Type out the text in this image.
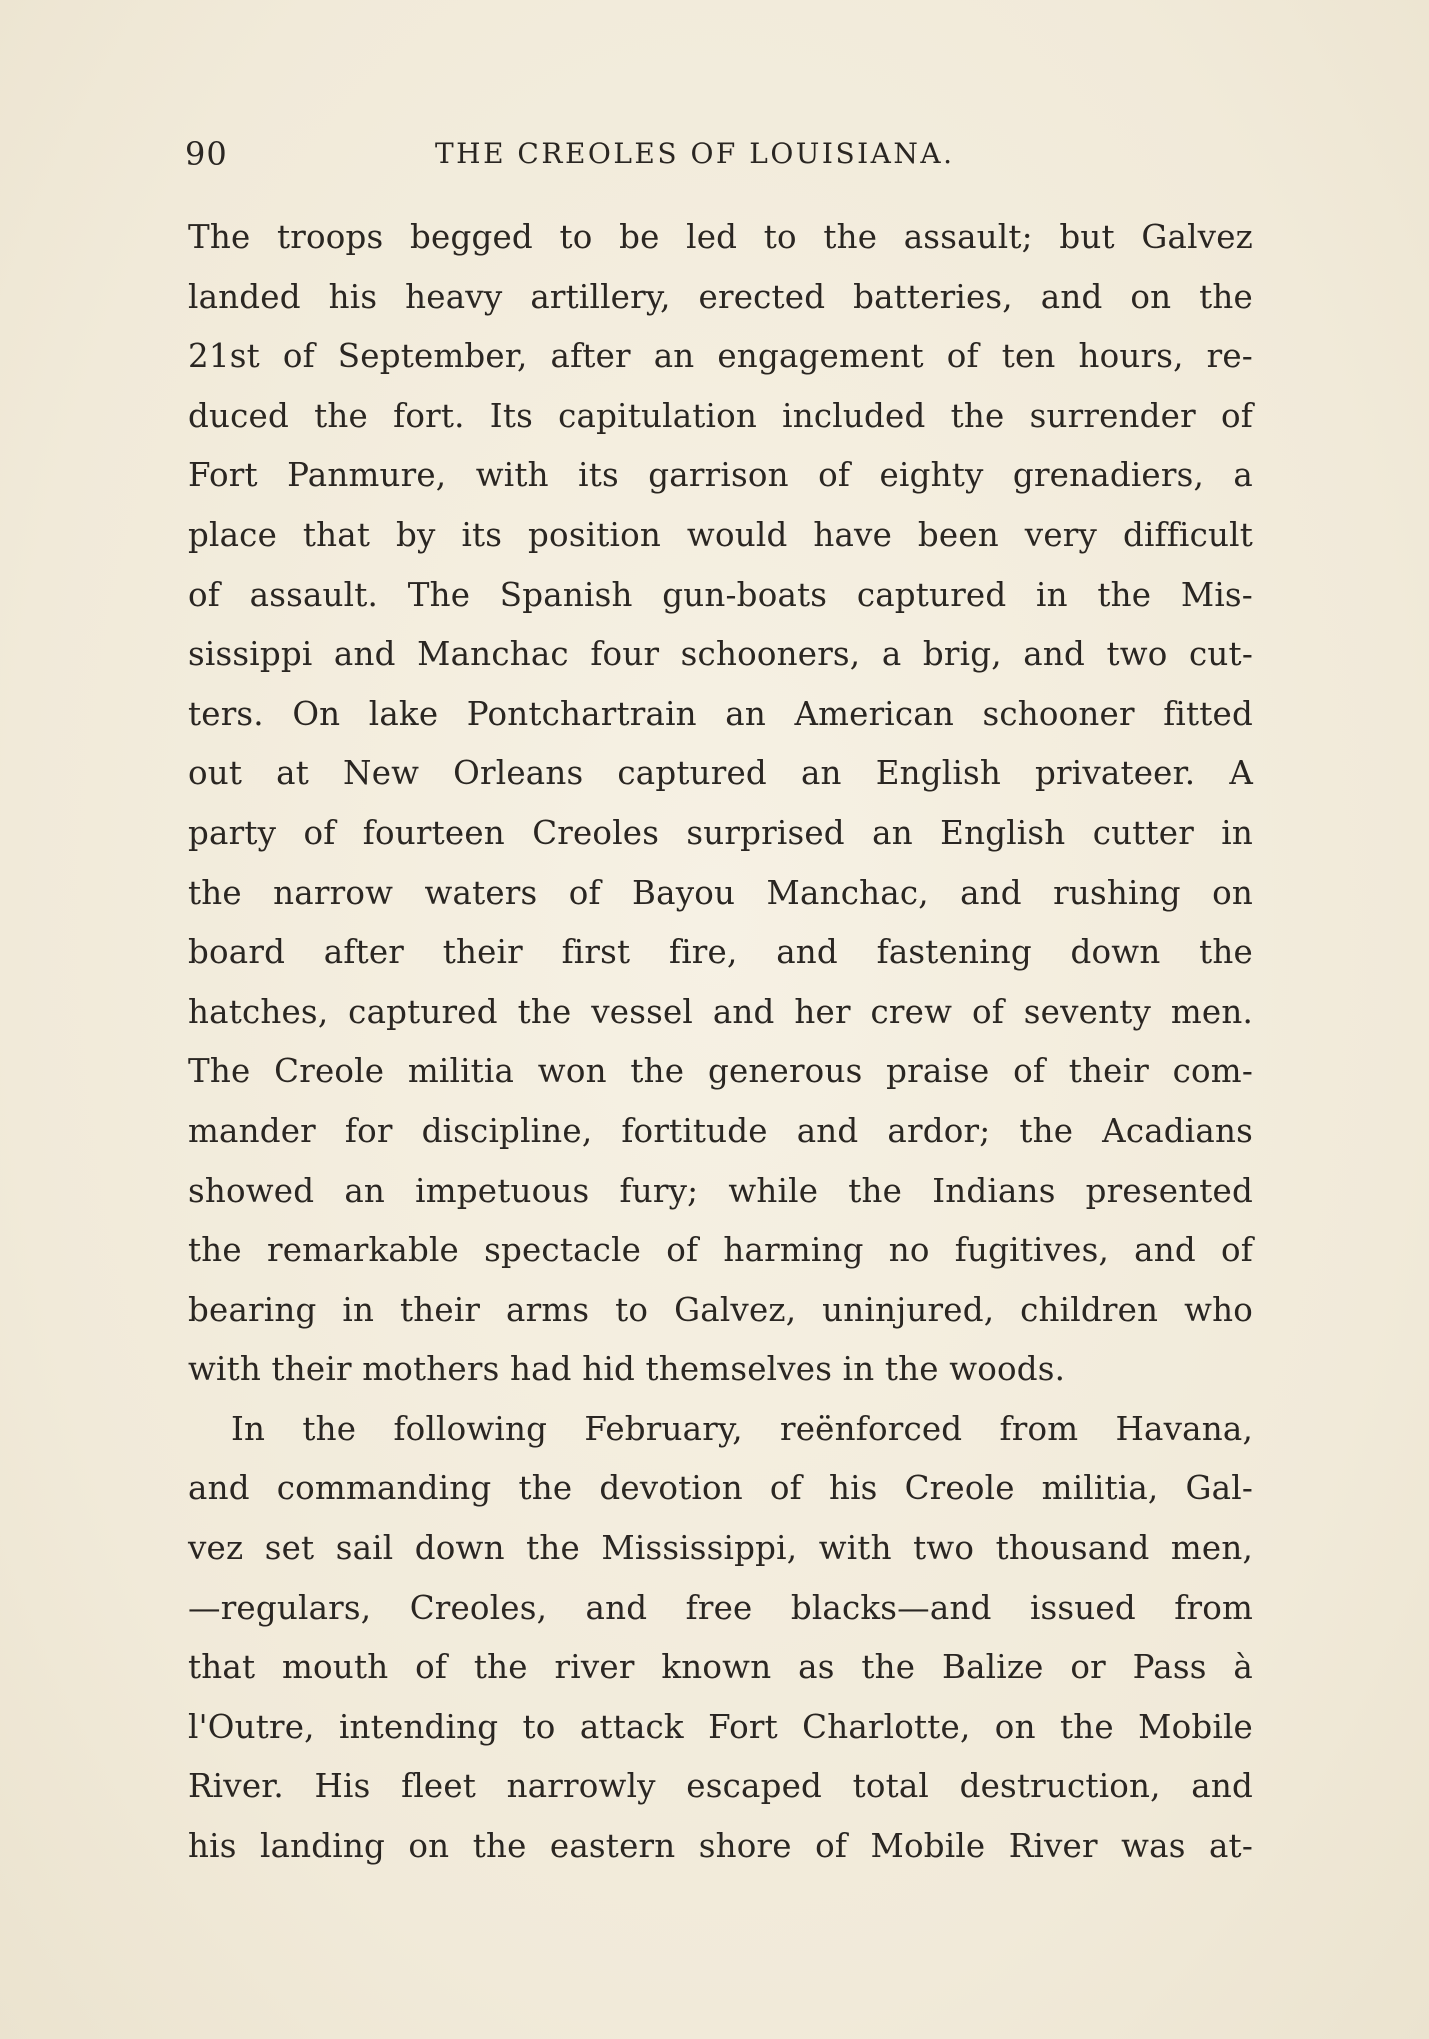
90	THE CREOLES OF LOUISIANA.
The troops begged to be led to the assault; but Galvez
landed his heavy artillery, erected batteries, and on the
21st of September, after an engagement of ten hours, re-
duced the fort. Its capitulation included the surrender of
Fort Panmure, with its garrison of eighty grenadiers, a
place that by its position would have been very difficult
of assault. The Spanish gun-boats captured in the Mis-
sissippi and Manchac four schooners, a brig, and two cut-
ters. On lake Pontchartrain an American schooner fitted
out at New Orleans captured an English privateer. A
party of fourteen Creoles surprised an English cutter in
the narrow waters of Bayou Manchac, and rushing on
board after their first fire, and fastening down the
hatches, captured the vessel and her crew of seventy men.
The Creole militia won the generous praise of their com-
mander for discipline, fortitude and ardor; the Acadians
showed an impetuous fury; while the Indians presented
the remarkable spectacle of harming no fugitives, and of
bearing in their arms to Galvez, uninjured, children who
with their mothers had hid themselves in the woods.
In the following February, reënforced from Havana,
and commanding the devotion of his Creole militia, Gal-
vez set sail down the Mississippi, with two thousand men,
—regulars, Creoles, and free blacks—and issued from
that mouth of the river known as the Balize or Pass à
l'Outre, intending to attack Fort Charlotte, on the Mobile
River. His fleet narrowly escaped total destruction, and
his landing on the eastern shore of Mobile River was at-
